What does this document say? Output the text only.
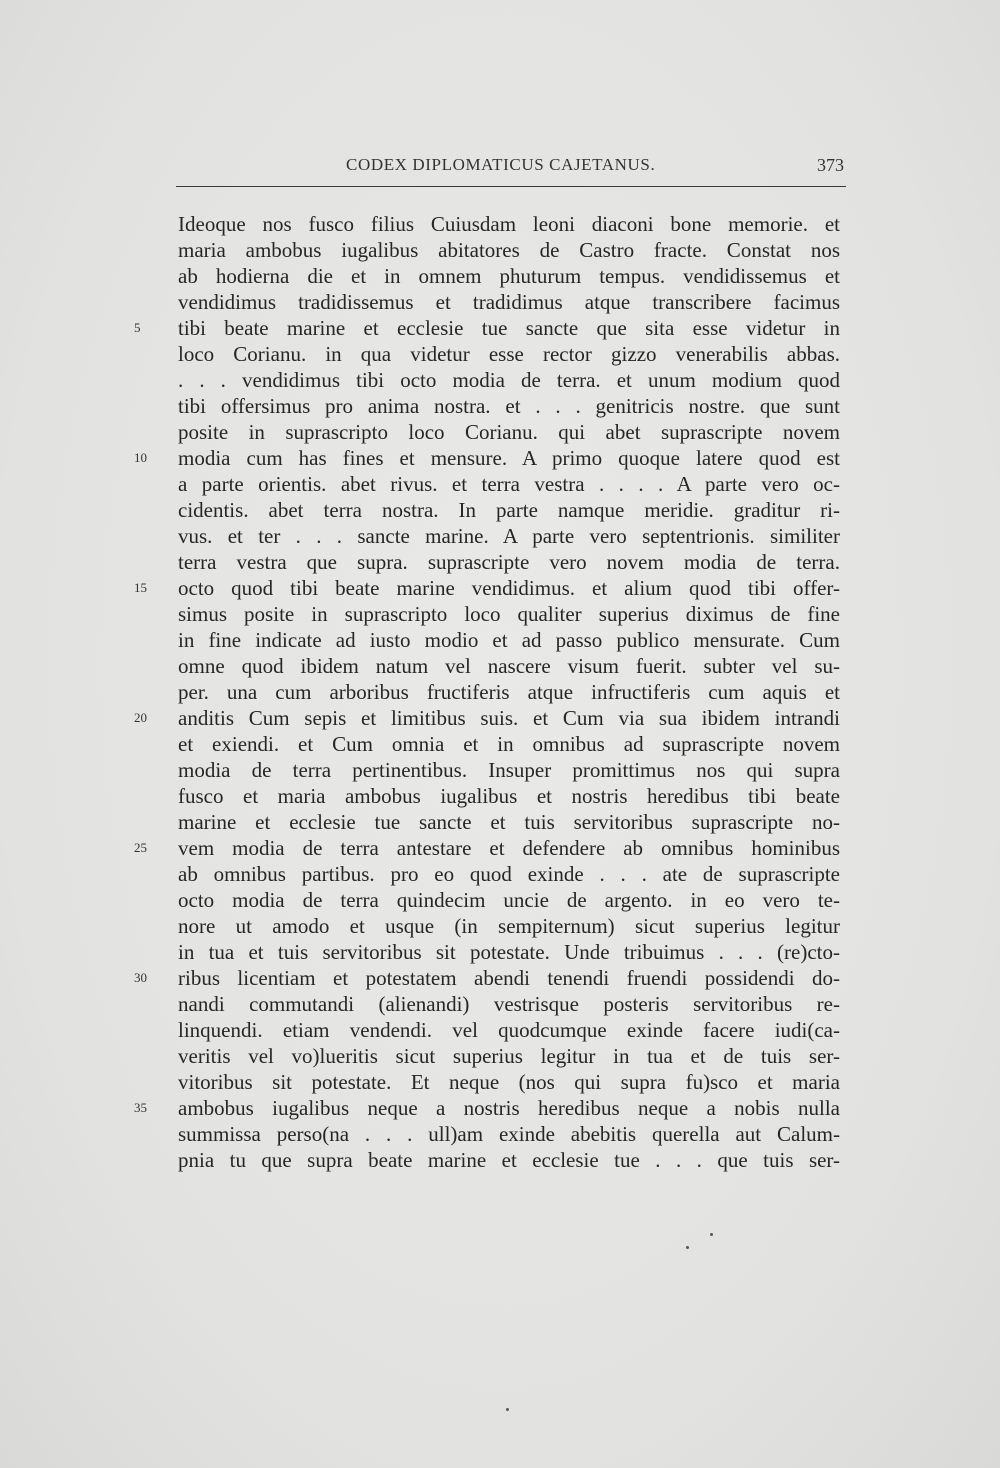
CODEX DIPLOMATICUS CAJETANUS.	373
5
10
15
20
25
30
35
Ideoque nos fusco filius Cuiusdam leoni diaconi bone memorie. et
maria ambobus iugalibus abitatores de Castro fracte. Constat nos
ab hodierna die et in omnem phuturum tempus. vendidissemus et
vendidimus tradidissemus et tradidimus atque transcribere facimus
tibi beate marine et ecclesie tue sancte que sita esse videtur in
loco Corianu. in qua videtur esse rector gizzo venerabilis abbas.
. . . vendidimus tibi octo modia de terra. et unum modium quod
tibi offersimus pro anima nostra. et . . . genitricis nostre. que sunt
posite in suprascripto loco Corianu. qui abet suprascripte novem
modia cum has fines et mensure. A primo quoque latere quod est
a parte orientis. abet rivus. et terra vestra . . . . A parte vero oc-
cidentis. abet terra nostra. In parte namque meridie. graditur ri-
vus. et ter . . . sancte marine. A parte vero septentrionis. similiter
terra vestra que supra. suprascripte vero novem modia de terra.
octo quod tibi beate marine vendidimus. et alium quod tibi offer-
simus posite in suprascripto loco qualiter superius diximus de fine
in fine indicate ad iusto modio et ad passo publico mensurate. Cum
omne quod ibidem natum vel nascere visum fuerit. subter vel su-
per. una cum arboribus fructiferis atque infructiferis cum aquis et
anditis Cum sepis et limitibus suis. et Cum via sua ibidem intrandi
et exiendi. et Cum omnia et in omnibus ad suprascripte novem
modia de terra pertinentibus. Insuper promittimus nos qui supra
fusco et maria ambobus iugalibus et nostris heredibus tibi beate
marine et ecclesie tue sancte et tuis servitoribus suprascripte no-
vem modia de terra antestare et defendere ab omnibus hominibus
ab omnibus partibus. pro eo quod exinde . . . ate de suprascripte
octo modia de terra quindecim uncie de argento. in eo vero te-
nore ut amodo et usque (in sempiternum) sicut superius legitur
in tua et tuis servitoribus sit potestate. Unde tribuimus . . . (re)cto-
ribus licentiam et potestatem abendi tenendi fruendi possidendi do-
nandi commutandi (alienandi) vestrisque posteris servitoribus re-
linquendi. etiam vendendi. vel quodcumque exinde facere iudi(ca-
veritis vel vo)lueritis sicut superius legitur in tua et de tuis ser-
vitoribus sit potestate. Et neque (nos qui supra fu)sco et maria
ambobus iugalibus neque a nostris heredibus neque a nobis nulla
summissa perso(na . . . ull)am exinde abebitis querella aut Calum-
pnia tu que supra beate marine et ecclesie tue . . . que tuis ser-
